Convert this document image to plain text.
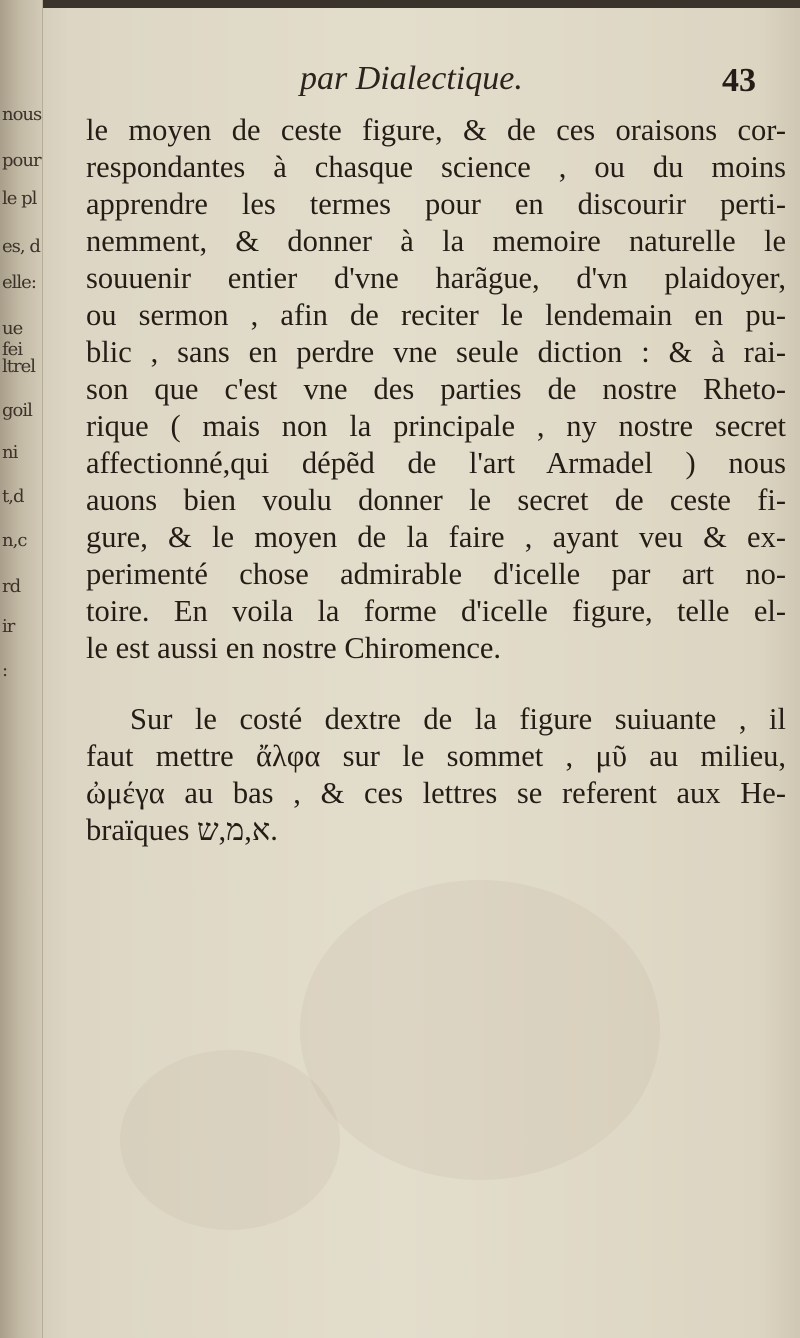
nous
pour
le pl
es, d
elle:
ue fei
ltrel
goil
ni
t,d
n,c
rd
ir
:
par Dialectique.	43
le moyen de ceste figure, & de ces oraisons cor-
respondantes à chasque science , ou du moins
apprendre les termes pour en discourir perti-
nemment, & donner à la memoire naturelle le
souuenir entier d'vne harãgue, d'vn plaidoyer,
ou sermon , afin de reciter le lendemain en pu-
blic , sans en perdre vne seule diction : & à rai-
son que c'est vne des parties de nostre Rheto-
rique ( mais non la principale , ny nostre secret
affectionné,qui dépẽd de l'art Armadel ) nous
auons bien voulu donner le secret de ceste fi-
gure, & le moyen de la faire , ayant veu & ex-
perimenté chose admirable d'icelle par art no-
toire. En voila la forme d'icelle figure, telle el-
le est aussi en nostre Chiromence.
Sur le costé dextre de la figure suiuante , il
faut mettre ἄλφα sur le sommet , μῦ au milieu,
ὠμέγα au bas , & ces lettres se referent aux He-
braïques א,מ,ש.
